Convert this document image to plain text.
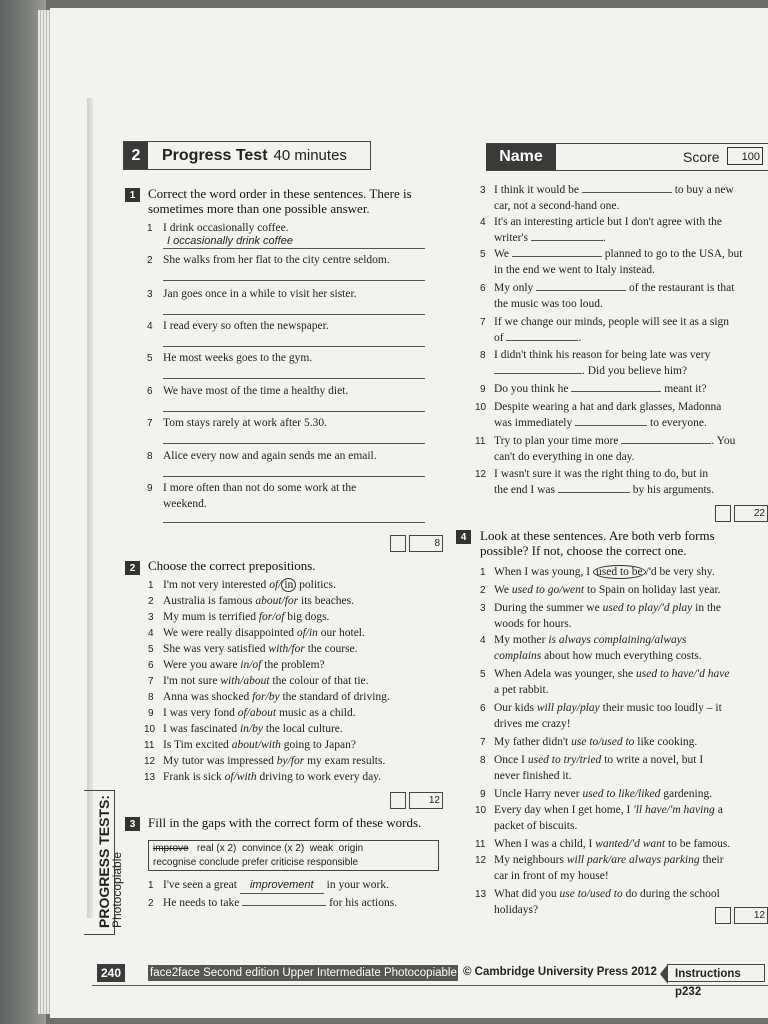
2	Progress Test 40 minutes	Name	Score	100
1 Correct the word order in these sentences. There is sometimes more than one possible answer.
1 I drink occasionally coffee.
I occasionally drink coffee
2 She walks from her flat to the city centre seldom.
3 Jan goes once in a while to visit her sister.
4 I read every so often the newspaper.
5 He most weeks goes to the gym.
6 We have most of the time a healthy diet.
7 Tom stays rarely at work after 5.30.
8 Alice every now and again sends me an email.
9 I more often than not do some work at the
weekend.
8
2 Choose the correct prepositions.
1 I'm not very interested of/ in politics.
2 Australia is famous about/for its beaches.
3 My mum is terrified for/of big dogs.
4 We were really disappointed of/in our hotel.
5 She was very satisfied with/for the course.
6 Were you aware in/of the problem?
7 I'm not sure with/about the colour of that tie.
8 Anna was shocked for/by the standard of driving.
9 I was very fond of/about music as a child.
10 I was fascinated in/by the local culture.
11 Is Tim excited about/with going to Japan?
12 My tutor was impressed by/for my exam results.
13 Frank is sick of/with driving to work every day.
12
3 Fill in the gaps with the correct form of these words.
improve real (x 2) convince (x 2) weak origin
recognise conclude prefer criticise responsible
1 I've seen a great improvement in your work.
2 He needs to take	for his actions.
3 I think it would be	to buy a new
car, not a second-hand one.
4 It's an interesting article but I don't agree with the
writer's	.
5 We	planned to go to the USA, but
in the end we went to Italy instead.
6 My only	of the restaurant is that
the music was too loud.
7 If we change our minds, people will see it as a sign
of	.
8 I didn't think his reason for being late was very
. Did you believe him?
9 Do you think he	meant it?
10 Despite wearing a hat and dark glasses, Madonna
was immediately	to everyone.
11 Try to plan your time more	. You
can't do everything in one day.
12 I wasn't sure it was the right thing to do, but in
the end I was	by his arguments.
22
4	Look at these sentences. Are both verb forms possible? If not, choose the correct one.
1 When I was young, I used to be /'d be very shy.
2 We used to go/went to Spain on holiday last year.
3 During the summer we used to play/'d play in the
woods for hours.
4 My mother is always complaining/always
complains about how much everything costs.
5 When Adela was younger, she used to have/'d have
a pet rabbit.
6 Our kids will play/play their music too loudly – it
drives me crazy!
7 My father didn't use to/used to like cooking.
8 Once I used to try/tried to write a novel, but I
never finished it.
9 Uncle Harry never used to like/liked gardening.
10 Every day when I get home, I 'll have/'m having a
packet of biscuits.
11 When I was a child, I wanted/'d want to be famous.
12 My neighbours will park/are always parking their
car in front of my house!
13 What did you use to/used to do during the school
holidays?	12
PROGRESS TESTS:
Photocopiable
240	face2face Second edition Upper Intermediate Photocopiable © Cambridge University Press 2012	Instructions p232
